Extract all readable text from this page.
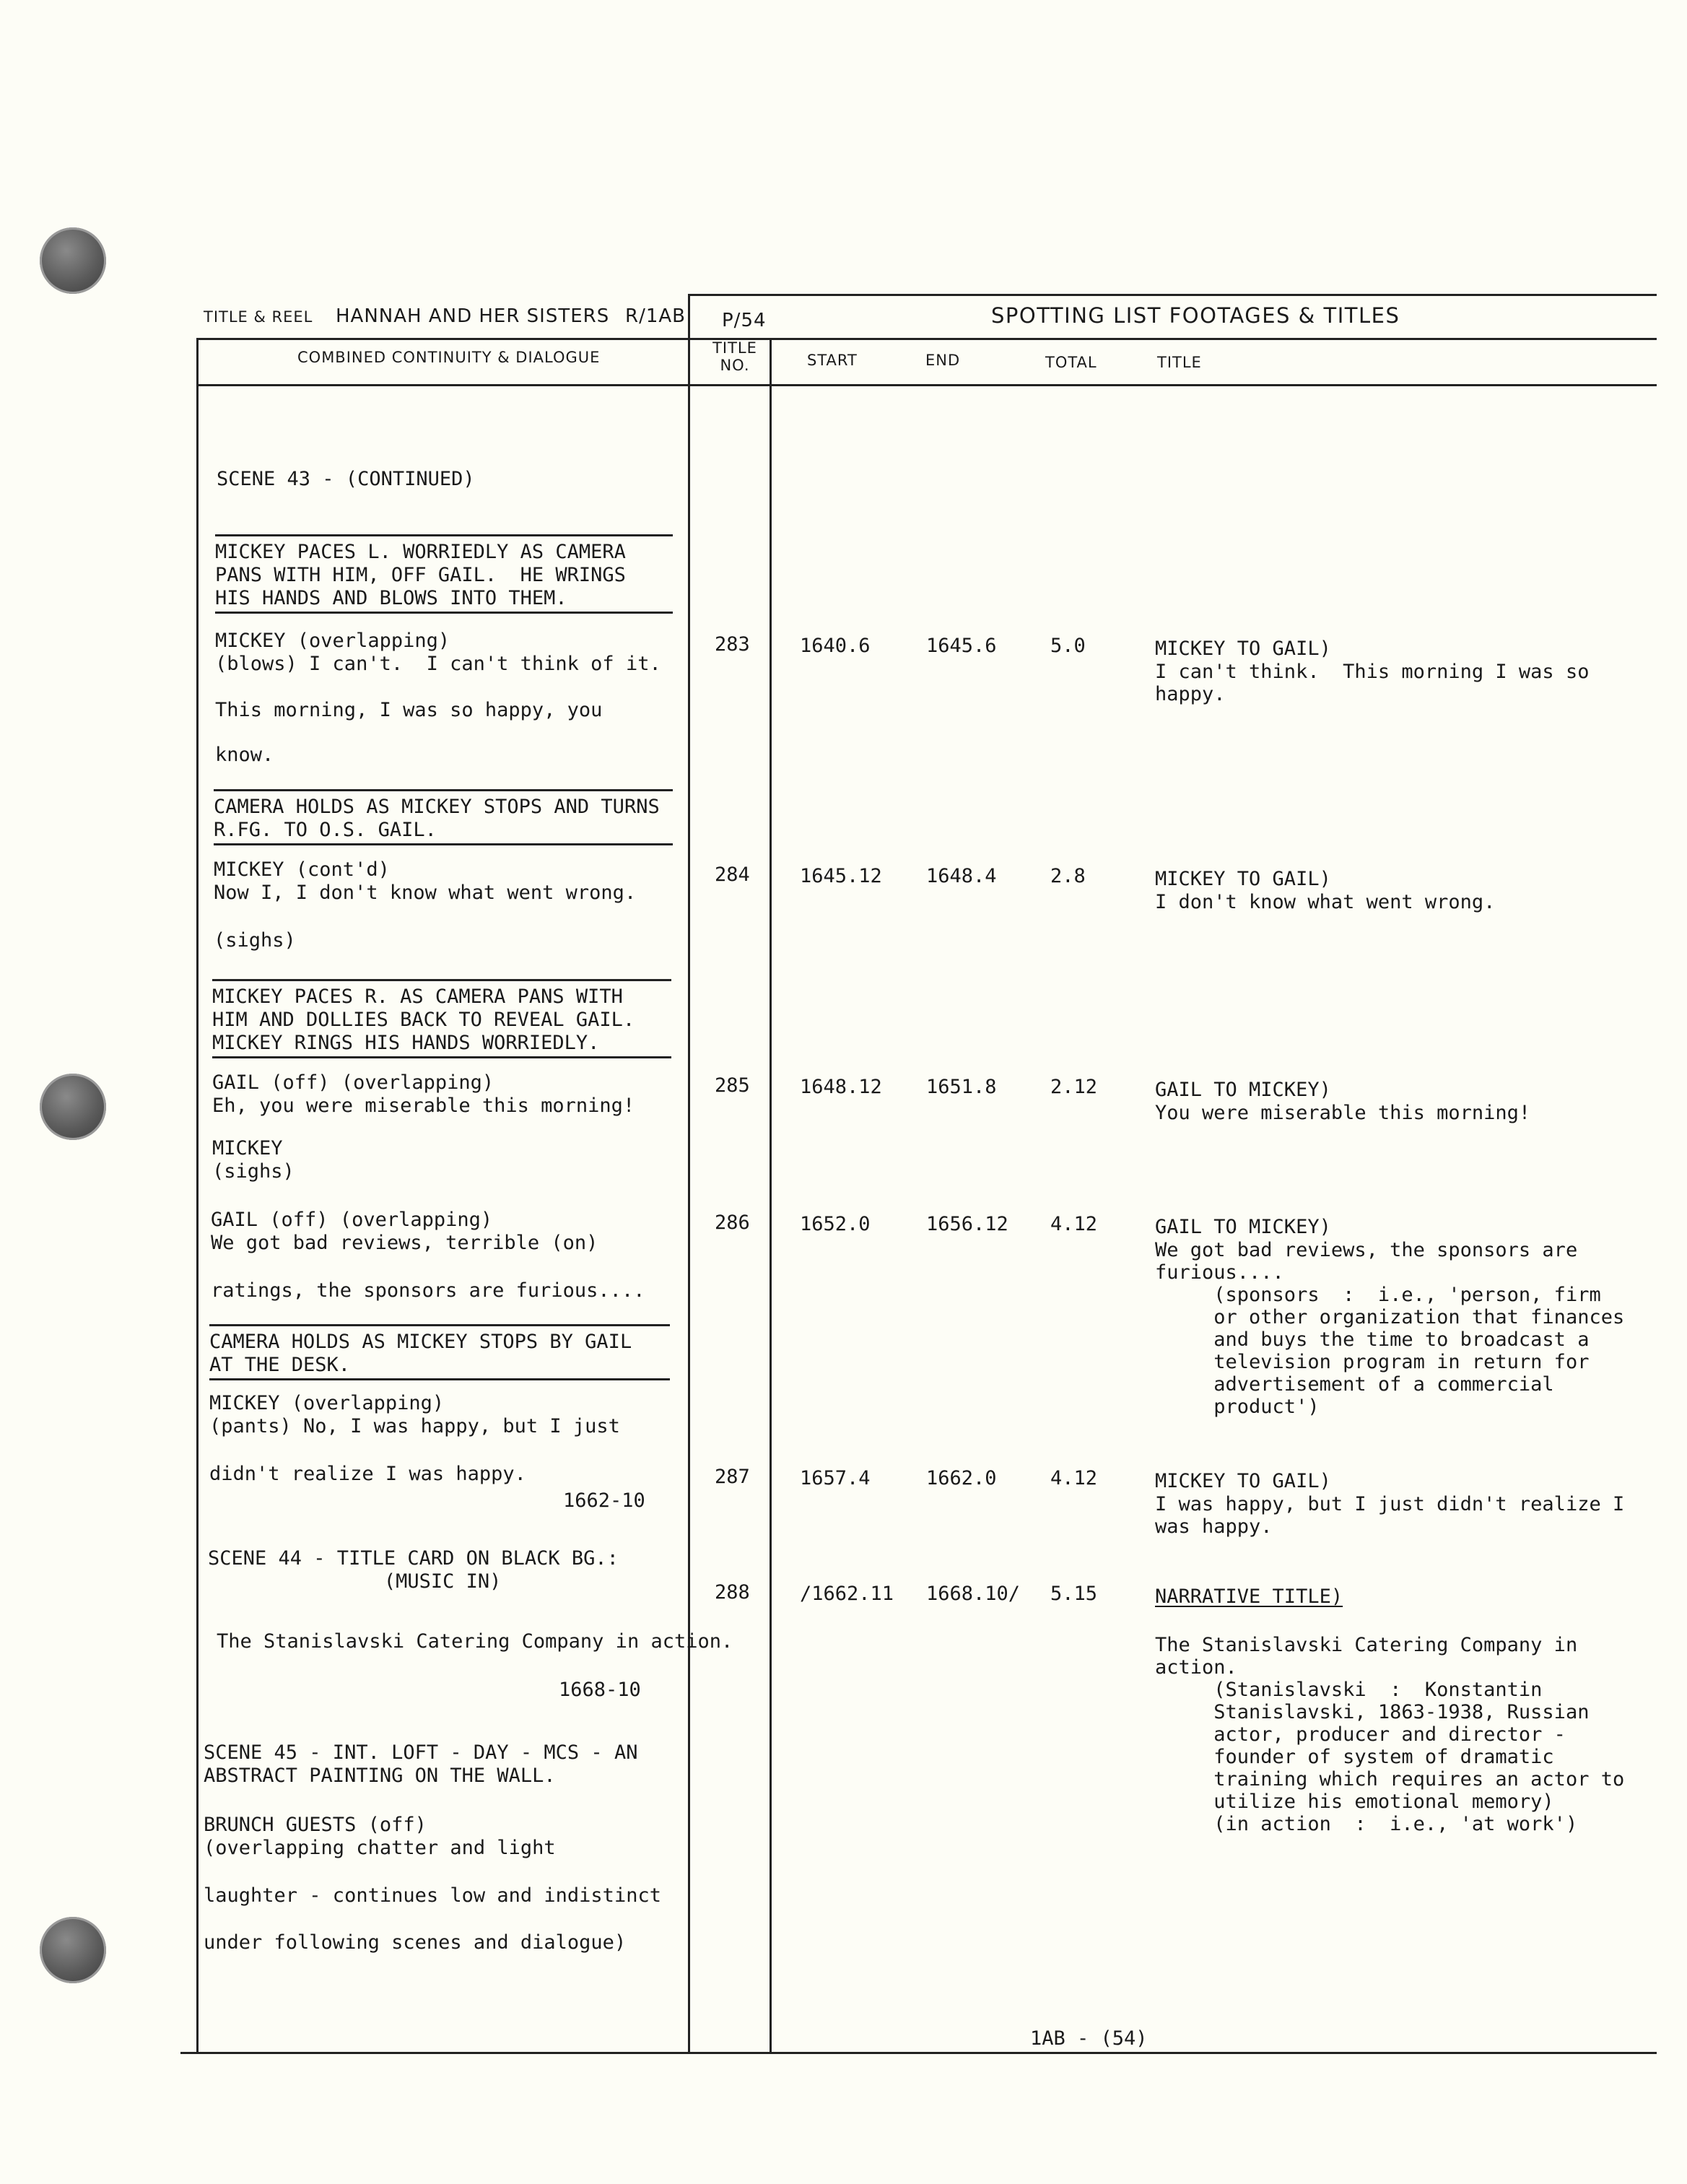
TITLE & REEL HANNAH AND HER SISTERS R/1AB P/54	SPOTTING LIST FOOTAGES & TITLES
COMBINED CONTINUITY & DIALOGUE
TITLE NO.	START	END	TOTAL	TITLE
SCENE 43 - (CONTINUED)
MICKEY PACES L. WORRIEDLY AS CAMERA
PANS WITH HIM, OFF GAIL.  HE WRINGS
HIS HANDS AND BLOWS INTO THEM.
MICKEY (overlapping)
(blows) I can't.  I can't think of it.
This morning, I was so happy, you
know.
CAMERA HOLDS AS MICKEY STOPS AND TURNS
R.FG. TO O.S. GAIL.
MICKEY (cont'd)
Now I, I don't know what went wrong.
(sighs)
MICKEY PACES R. AS CAMERA PANS WITH
HIM AND DOLLIES BACK TO REVEAL GAIL.
MICKEY RINGS HIS HANDS WORRIEDLY.
GAIL (off) (overlapping)
Eh, you were miserable this morning!
MICKEY
(sighs)
GAIL (off) (overlapping)
We got bad reviews, terrible (on)
ratings, the sponsors are furious....
CAMERA HOLDS AS MICKEY STOPS BY GAIL
AT THE DESK.
MICKEY (overlapping)
(pants) No, I was happy, but I just
didn't realize I was happy.
1662-10
SCENE 44 - TITLE CARD ON BLACK BG.:
(MUSIC IN)
The Stanislavski Catering Company in action.
1668-10
SCENE 45 - INT. LOFT - DAY - MCS - AN
ABSTRACT PAINTING ON THE WALL.
BRUNCH GUESTS (off)
(overlapping chatter and light
laughter - continues low and indistinct
under following scenes and dialogue)
283	1640.6	1645.6	5.0	MICKEY TO GAIL)
I can't think.  This morning I was so
happy.
284	1645.12 1648.4	2.8	MICKEY TO GAIL)
I don't know what went wrong.
285	1648.12 1651.8	2.12	GAIL TO MICKEY)
You were miserable this morning!
286	1652.0	1656.12 4.12	GAIL TO MICKEY)
We got bad reviews, the sponsors are
furious....
(sponsors  :  i.e., 'person, firm
or other organization that finances
and buys the time to broadcast a
television program in return for
advertisement of a commercial
product')
287	1657.4	1662.0	4.12	MICKEY TO GAIL)
I was happy, but I just didn't realize I
was happy.
288	/1662.11 1668.10/ 5.15	NARRATIVE TITLE)
The Stanislavski Catering Company in
action.
(Stanislavski  :  Konstantin
Stanislavski, 1863-1938, Russian
actor, producer and director -
founder of system of dramatic
training which requires an actor to
utilize his emotional memory)
(in action  :  i.e., 'at work')
1AB - (54)
